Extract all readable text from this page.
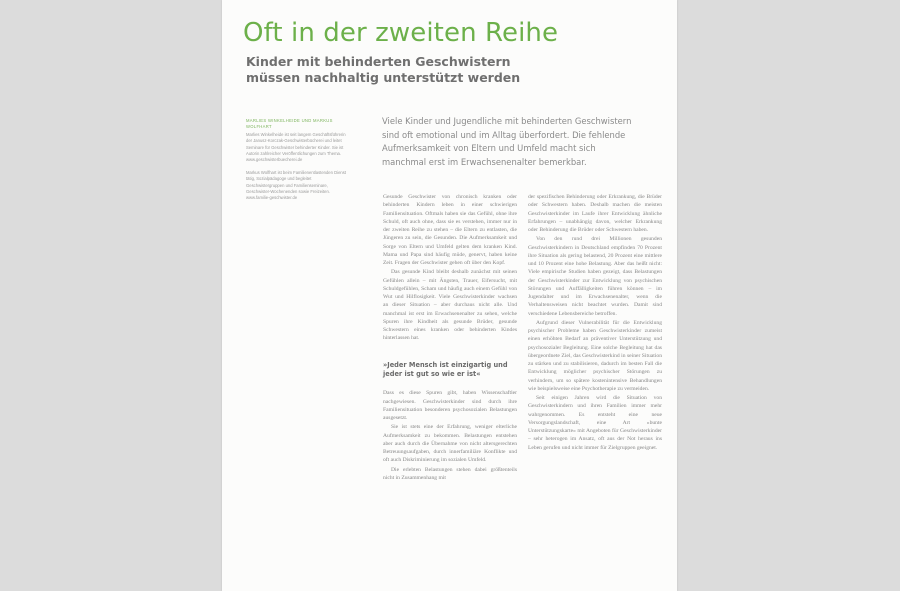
Oft in der zweiten Reihe
Kinder mit behinderten Geschwistern müssen nachhaltig unterstützt werden
MARLIES WINKELHEIDE UND MARKUS WOLFHART

Marlies Winkelheide ist seit langem Geschäftsführerin der Janusz-Korczak-Geschwisterbücherei und leitet Seminare für Geschwister behinderter Kinder. Sie ist Autorin zahlreicher Veröffentlichungen zum Thema. www.geschwisterbuecherei.de

Markus Wolfhart ist beim Familienentlastenden Dienst tätig, Sozialpädagoge und begleitet Geschwistergruppen und Familienseminare, Geschwister-Wochenenden sowie Freizeiten. www.familie-geschwister.de

Viele Kinder und Jugendliche mit behinderten Geschwistern sind oft emotional und im Alltag überfordert. Die fehlende Aufmerksamkeit von Eltern und Umfeld macht sich manchmal erst im Erwachsenenalter bemerkbar.

Gesunde Geschwister von chronisch kranken oder behinderten Kindern leben in einer schwierigen Familiensituation. Oftmals haben sie das Gefühl, ohne ihre Schuld, oft auch ohne, dass sie es verstehen, immer nur in der zweiten Reihe zu stehen – die Eltern zu entlasten, die Jüngeren zu sein, die Gesunden. Die Aufmerksamkeit und Sorge von Eltern und Umfeld gelten dem kranken Kind. Mama und Papa sind häufig müde, genervt, haben keine Zeit. Fragen der Geschwister gehen oft über den Kopf.

Das gesunde Kind bleibt deshalb zunächst mit seinen Gefühlen allein – mit Ängsten, Trauer, Eifersucht, mit Schuldgefühlen, Scham und häufig auch einem Gefühl von Wut und Hilflosigkeit. Viele Geschwisterkinder wachsen an dieser Situation – aber durchaus nicht alle. Und manchmal ist erst im Erwachsenenalter zu sehen, welche Spuren ihre Kindheit als gesunde Brüder, gesunde Schwestern eines kranken oder behinderten Kindes hinterlassen hat.

»Jeder Mensch ist einzigartig und jeder ist gut so wie er ist«

Dass es diese Spuren gibt, haben Wissenschaftler nachgewiesen. Geschwisterkinder sind durch ihre Familiensituation besonderen psychosozialen Belastungen ausgesetzt.

Sie ist stets eine der Erfahrung, weniger elterliche Aufmerksamkeit zu bekommen. Belastungen entstehen aber auch durch die Übernahme von nicht altersgerechten Betreuungsaufgaben, durch innerfamiliäre Konflikte und oft auch Diskriminierung im sozialen Umfeld.

Die erlebten Belastungen stehen dabei größtenteils nicht in Zusammenhang mit

der spezifischen Behinderung oder Erkrankung, die Brüder oder Schwestern haben. Deshalb machen die meisten Geschwisterkinder im Laufe ihrer Entwicklung ähnliche Erfahrungen – unabhängig davon, welcher Erkrankung oder Behinderung die Brüder oder Schwestern haben.

Von den rund drei Millionen gesunden Geschwisterkindern in Deutschland empfinden 70 Prozent ihre Situation als gering belastend, 20 Prozent eine mittlere und 10 Prozent eine hohe Belastung. Aber das heißt nicht: Viele empirische Studien haben gezeigt, dass Belastungen der Geschwisterkinder zur Entwicklung von psychischen Störungen und Auffälligkeiten führen können – im Jugendalter und im Erwachsenenalter, wenn die Verhaltensweisen nicht beachtet wurden. Damit sind verschiedene Lebensbereiche betroffen.

Aufgrund dieser Vulnerabilität für die Entwicklung psychischer Probleme haben Geschwisterkinder zumeist einen erhöhten Bedarf an präventiver Unterstützung und psychosozialer Begleitung. Eine solche Begleitung hat das übergeordnete Ziel, das Geschwisterkind in seiner Situation zu stärken und zu stabilisieren, dadurch im besten Fall die Entwicklung möglicher psychischer Störungen zu verhindern, um so spätere kostenintensive Behandlungen wie beispielsweise eine Psychotherapie zu vermeiden.

Seit einigen Jahren wird die Situation von Geschwisterkindern und ihren Familien immer mehr wahrgenommen. Es entsteht eine neue Versorgungslandschaft, eine Art »bunte Unterstützungskarte« mit Angeboten für Geschwisterkinder – sehr heterogen im Ansatz, oft aus der Not heraus ins Leben gerufen und nicht immer für Zielgruppen geeignet.
